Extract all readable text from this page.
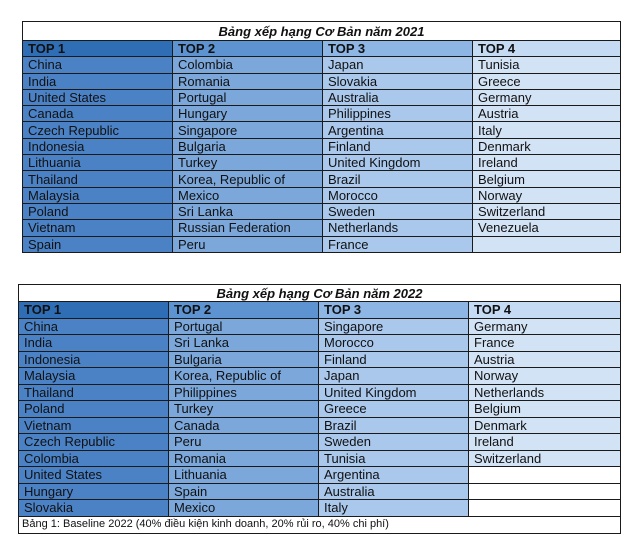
Bảng xếp hạng Cơ Bản năm 2021			
TOP 1	TOP 2	TOP 3	TOP 4
China	Colombia	Japan	Tunisia
India	Romania	Slovakia	Greece
United States	Portugal	Australia	Germany
Canada	Hungary	Philippines	Austria
Czech Republic	Singapore	Argentina	Italy
Indonesia	Bulgaria	Finland	Denmark
Lithuania	Turkey	United Kingdom	Ireland
Thailand	Korea, Republic of	Brazil	Belgium
Malaysia	Mexico	Morocco	Norway
Poland	Sri Lanka	Sweden	Switzerland
Vietnam	Russian Federation	Netherlands	Venezuela
Spain	Peru	France	
Bảng xếp hạng Cơ Bản năm 2022			
TOP 1	TOP 2	TOP 3	TOP 4
China	Portugal	Singapore	Germany
India	Sri Lanka	Morocco	France
Indonesia	Bulgaria	Finland	Austria
Malaysia	Korea, Republic of	Japan	Norway
Thailand	Philippines	United Kingdom	Netherlands
Poland	Turkey	Greece	Belgium
Vietnam	Canada	Brazil	Denmark
Czech Republic	Peru	Sweden	Ireland
Colombia	Romania	Tunisia	Switzerland
United States	Lithuania	Argentina	
Hungary	Spain	Australia	
Slovakia	Mexico	Italy	
Bảng 1: Baseline 2022 (40% điều kiện kinh doanh, 20% rủi ro, 40% chi phí)			
